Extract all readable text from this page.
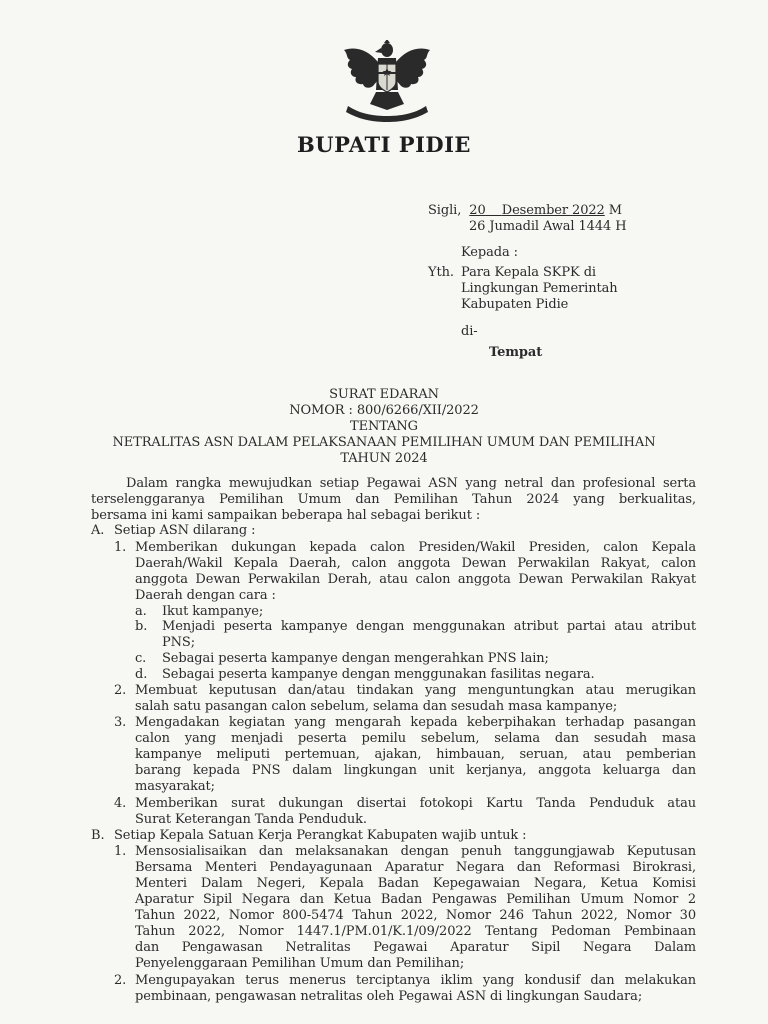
BUPATI PIDIE
Sigli, 20 Desember 2022 M
26 Jumadil Awal 1444 H
Kepada :
Yth. Para Kepala SKPK di
Lingkungan Pemerintah
Kabupaten Pidie
di-
Tempat
SURAT EDARAN
NOMOR : 800/6266/XII/2022
TENTANG
NETRALITAS ASN DALAM PELAKSANAAN PEMILIHAN UMUM DAN PEMILIHAN
TAHUN 2024
Dalam rangka mewujudkan setiap Pegawai ASN yang netral dan profesional serta
terselenggaranya Pemilihan Umum dan Pemilihan Tahun 2024 yang berkualitas,
bersama ini kami sampaikan beberapa hal sebagai berikut :
A. Setiap ASN dilarang :
1. Memberikan dukungan kepada calon Presiden/Wakil Presiden, calon Kepala
Daerah/Wakil Kepala Daerah, calon anggota Dewan Perwakilan Rakyat, calon
anggota Dewan Perwakilan Derah, atau calon anggota Dewan Perwakilan Rakyat
Daerah dengan cara :
a. Ikut kampanye;
b. Menjadi peserta kampanye dengan menggunakan atribut partai atau atribut
PNS;
c. Sebagai peserta kampanye dengan mengerahkan PNS lain;
d. Sebagai peserta kampanye dengan menggunakan fasilitas negara.
2. Membuat keputusan dan/atau tindakan yang menguntungkan atau merugikan
salah satu pasangan calon sebelum, selama dan sesudah masa kampanye;
3. Mengadakan kegiatan yang mengarah kepada keberpihakan terhadap pasangan
calon yang menjadi peserta pemilu sebelum, selama dan sesudah masa
kampanye meliputi pertemuan, ajakan, himbauan, seruan, atau pemberian
barang kepada PNS dalam lingkungan unit kerjanya, anggota keluarga dan
masyarakat;
4. Memberikan surat dukungan disertai fotokopi Kartu Tanda Penduduk atau
Surat Keterangan Tanda Penduduk.
B. Setiap Kepala Satuan Kerja Perangkat Kabupaten wajib untuk :
1. Mensosialisaikan dan melaksanakan dengan penuh tanggungjawab Keputusan
Bersama Menteri Pendayagunaan Aparatur Negara dan Reformasi Birokrasi,
Menteri Dalam Negeri, Kepala Badan Kepegawaian Negara, Ketua Komisi
Aparatur Sipil Negara dan Ketua Badan Pengawas Pemilihan Umum Nomor 2
Tahun 2022, Nomor 800-5474 Tahun 2022, Nomor 246 Tahun 2022, Nomor 30
Tahun 2022, Nomor 1447.1/PM.01/K.1/09/2022 Tentang Pedoman Pembinaan
dan Pengawasan Netralitas Pegawai Aparatur Sipil Negara Dalam
Penyelenggaraan Pemilihan Umum dan Pemilihan;
2. Mengupayakan terus menerus terciptanya iklim yang kondusif dan melakukan
pembinaan, pengawasan netralitas oleh Pegawai ASN di lingkungan Saudara;
